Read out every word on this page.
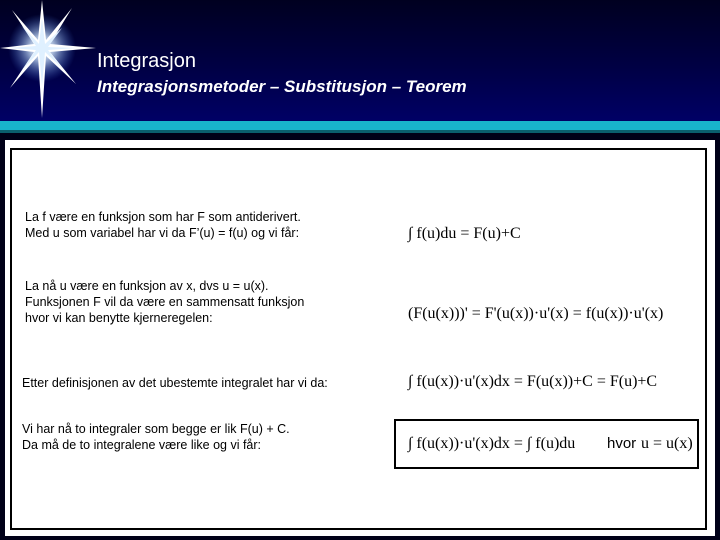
Integrasjon
Integrasjonsmetoder – Substitusjon – Teorem
La f være en funksjon som har F som antiderivert.
Med u som variabel har vi da F’(u) = f(u) og vi får:	∫ f(u)du = F(u)+C
La nå u være en funksjon av x, dvs u = u(x).
Funksjonen F vil da være en sammensatt funksjon
hvor vi kan benytte kjerneregelen:	(F(u(x)))' = F'(u(x))·u'(x) = f(u(x))·u'(x)
Etter definisjonen av det ubestemte integralet har vi da:	∫ f(u(x))·u'(x)dx = F(u(x))+C = F(u)+C
Vi har nå to integraler som begge er lik F(u) + C.
Da må de to integralene være like og vi får:	∫ f(u(x))·u'(x)dx = ∫ f(u)du hvor u = u(x)
